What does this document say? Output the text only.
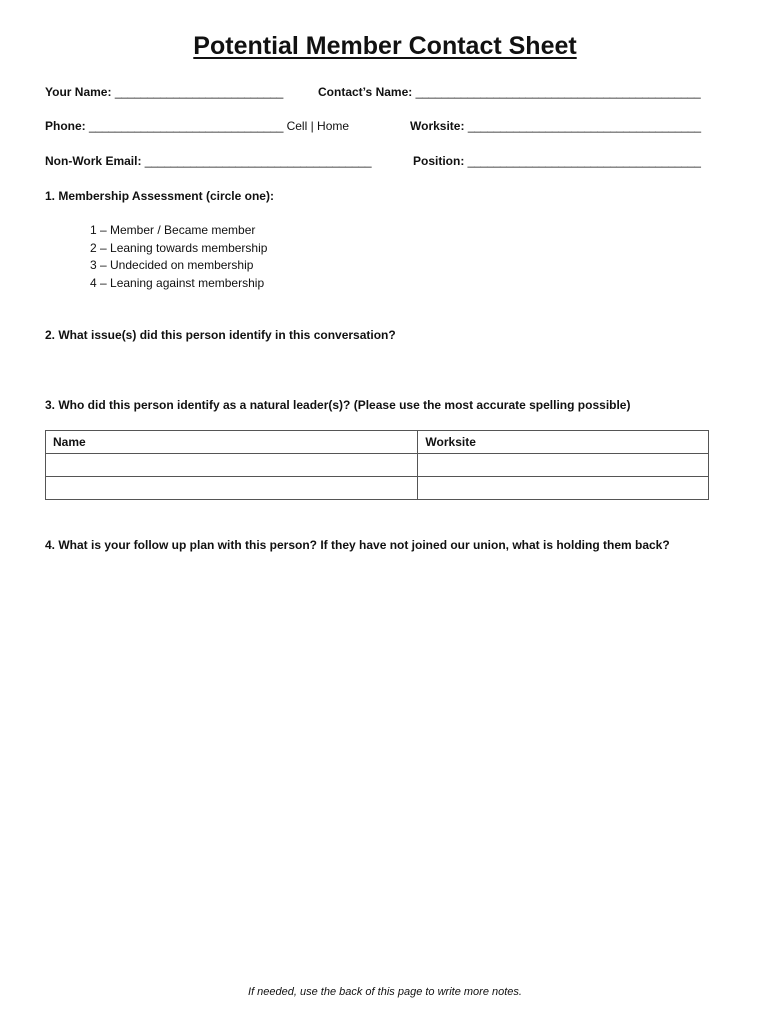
Potential Member Contact Sheet
Your Name: __________________________	Contact’s Name: ____________________________________________
Phone: ______________________________ Cell | Home	Worksite: ____________________________________
Non-Work Email: ___________________________________	Position: ____________________________________
1. Membership Assessment (circle one):
1 – Member / Became member
2 – Leaning towards membership
3 – Undecided on membership
4 – Leaning against membership
2. What issue(s) did this person identify in this conversation?
3. Who did this person identify as a natural leader(s)? (Please use the most accurate spelling possible)
Name	Worksite

4. What is your follow up plan with this person? If they have not joined our union, what is holding them back?
If needed, use the back of this page to write more notes.
